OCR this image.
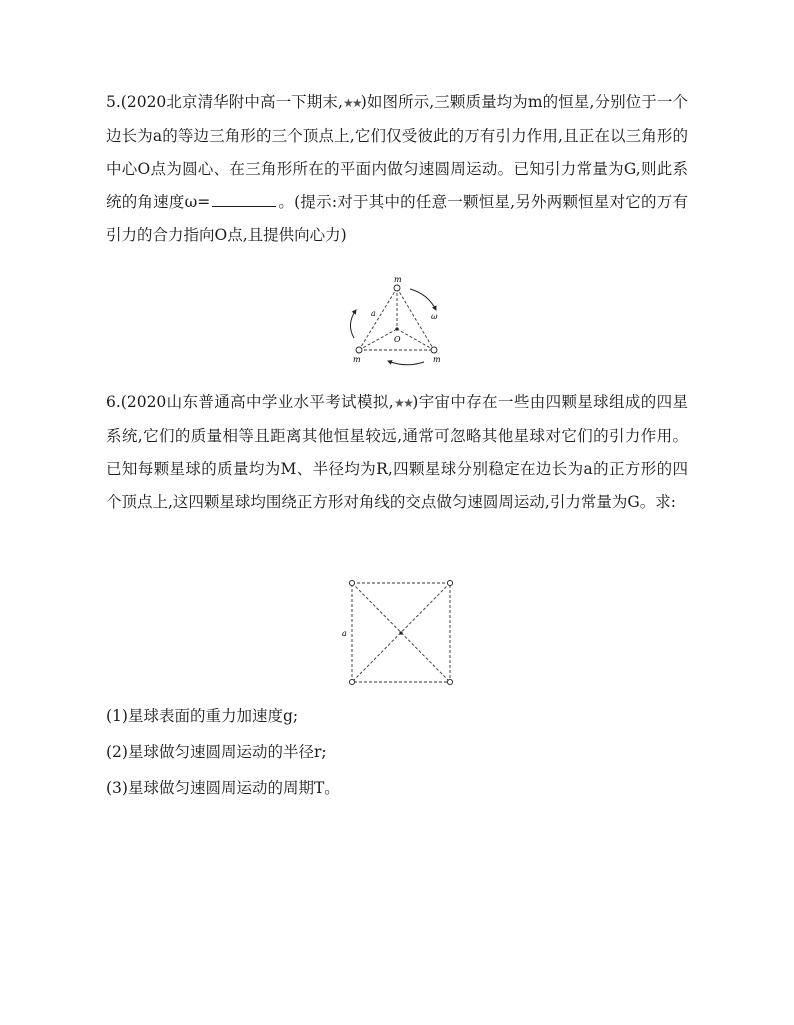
5.(2020北京清华附中高一下期末,★★)如图所示,三颗质量均为m的恒星,分别位于一个边长为a的等边三角形的三个顶点上,它们仅受彼此的万有引力作用,且正在以三角形的中心O点为圆心、在三角形所在的平面内做匀速圆周运动。已知引力常量为G,则此系统的角速度ω=	。(提示:对于其中的任意一颗恒星,另外两颗恒星对它的万有引力的合力指向O点,且提供向心力)

m
m	m
a
O
ω

6.(2020山东普通高中学业水平考试模拟,★★)宇宙中存在一些由四颗星球组成的四星系统,它们的质量相等且距离其他恒星较远,通常可忽略其他星球对它们的引力作用。已知每颗星球的质量均为M、半径均为R,四颗星球分别稳定在边长为a的正方形的四个顶点上,这四颗星球均围绕正方形对角线的交点做匀速圆周运动,引力常量为G。求:

a

(1)星球表面的重力加速度g;

(2)星球做匀速圆周运动的半径r;

(3)星球做匀速圆周运动的周期T。
